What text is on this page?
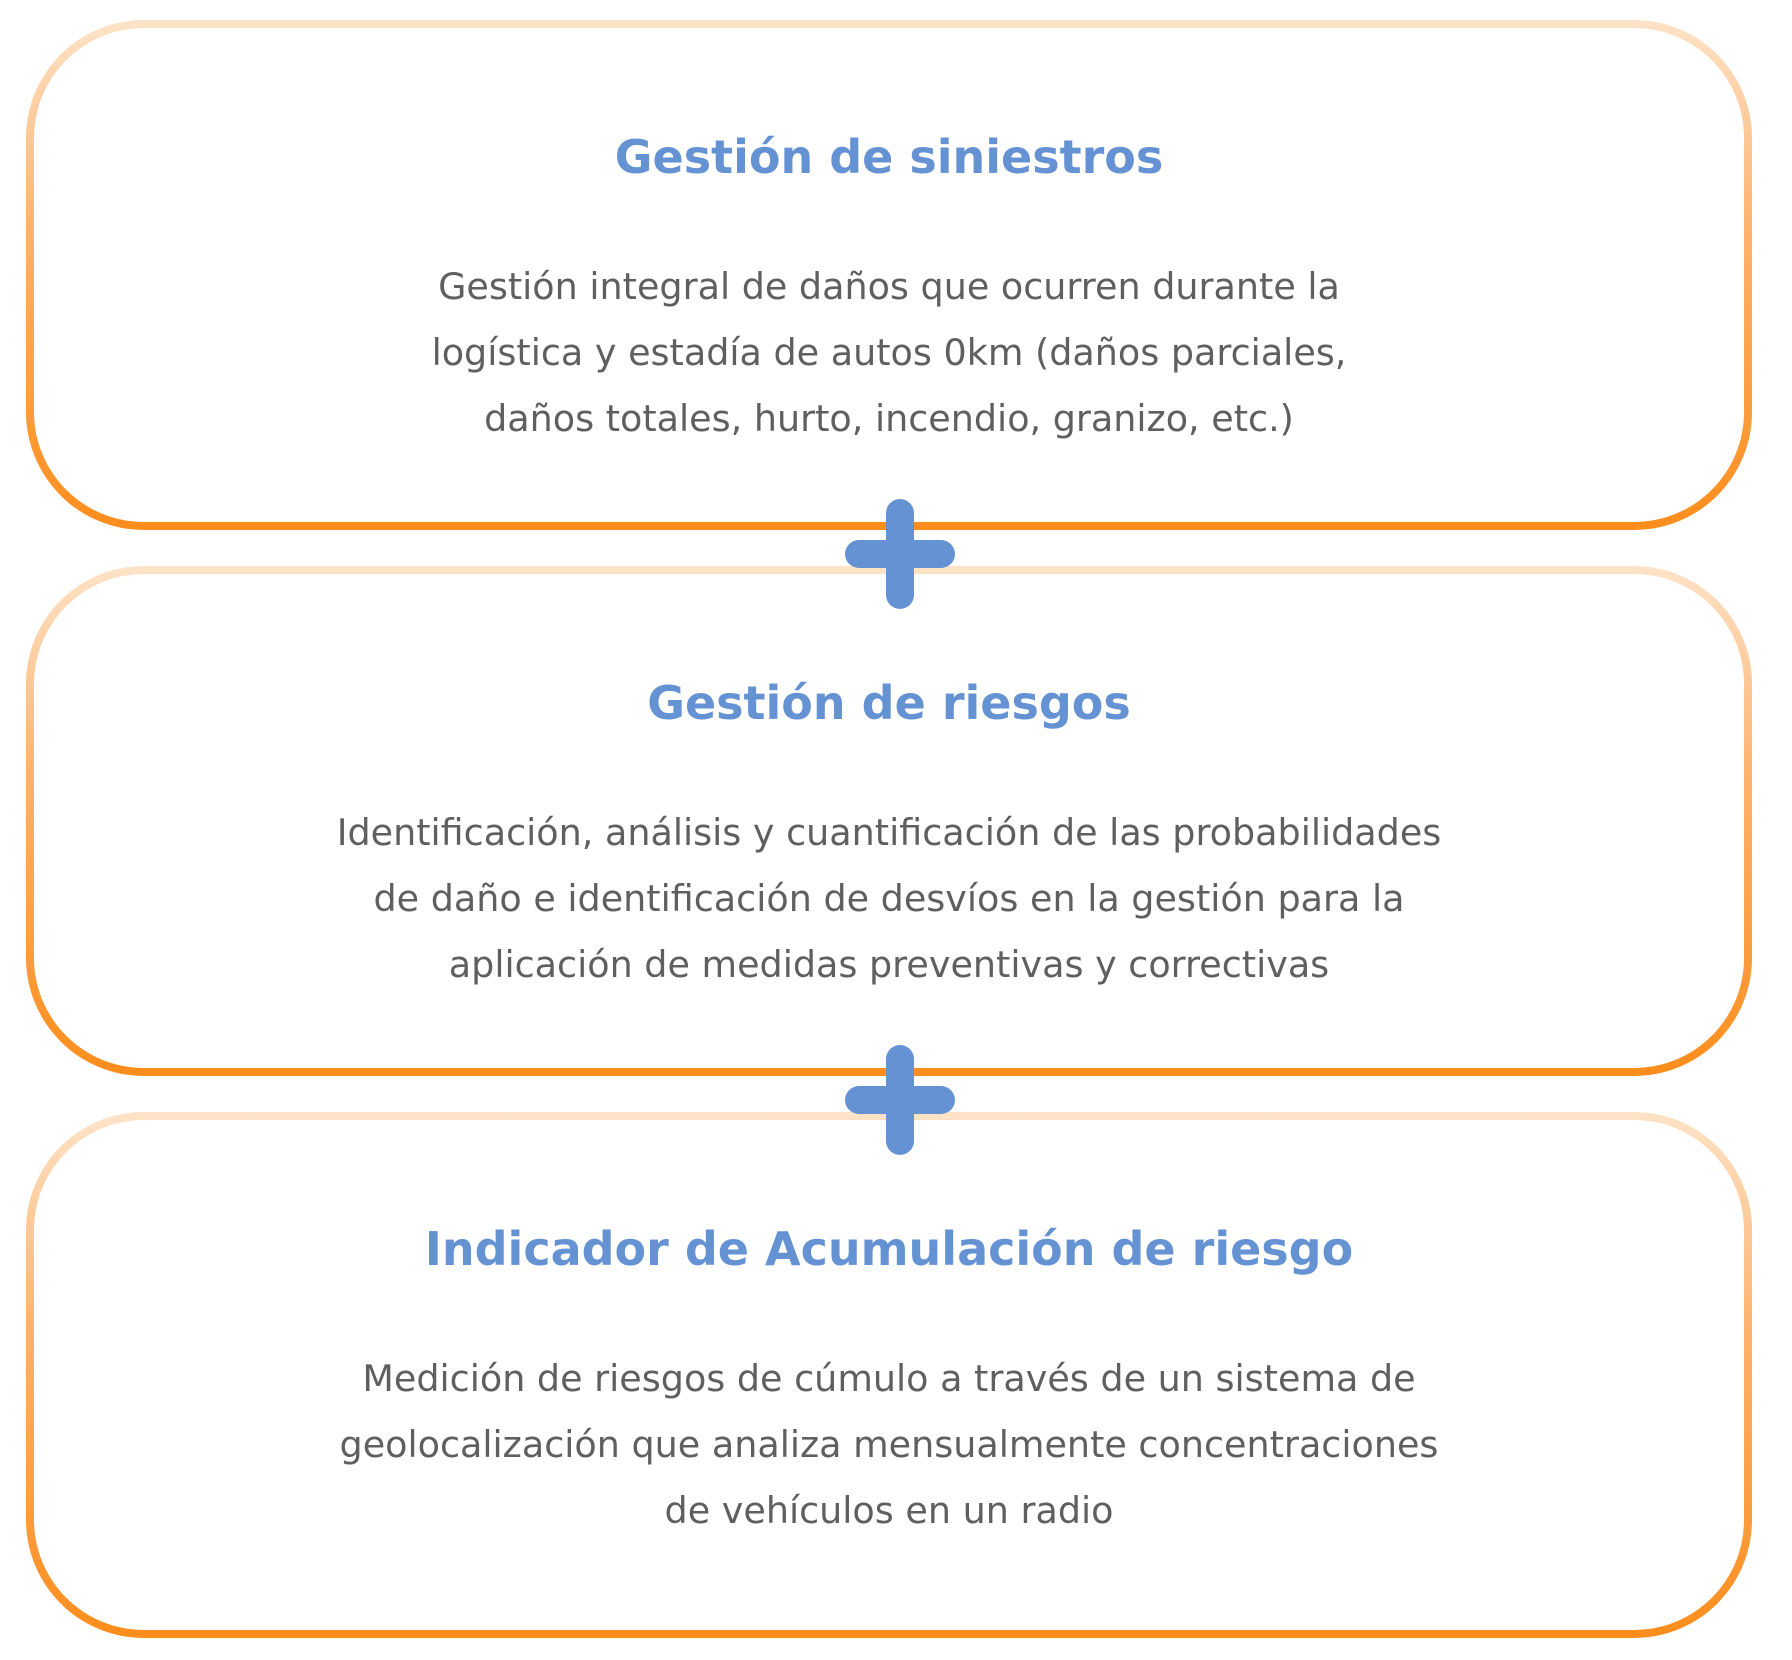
Gestión de siniestros

Gestión integral de daños que ocurren durante la
logística y estadía de autos 0km (daños parciales,
daños totales, hurto, incendio, granizo, etc.)

Gestión de riesgos

Identificación, análisis y cuantificación de las probabilidades
de daño e identificación de desvíos en la gestión para la
aplicación de medidas preventivas y correctivas

Indicador de Acumulación de riesgo

Medición de riesgos de cúmulo a través de un sistema de
geolocalización que analiza mensualmente concentraciones
de vehículos en un radio
